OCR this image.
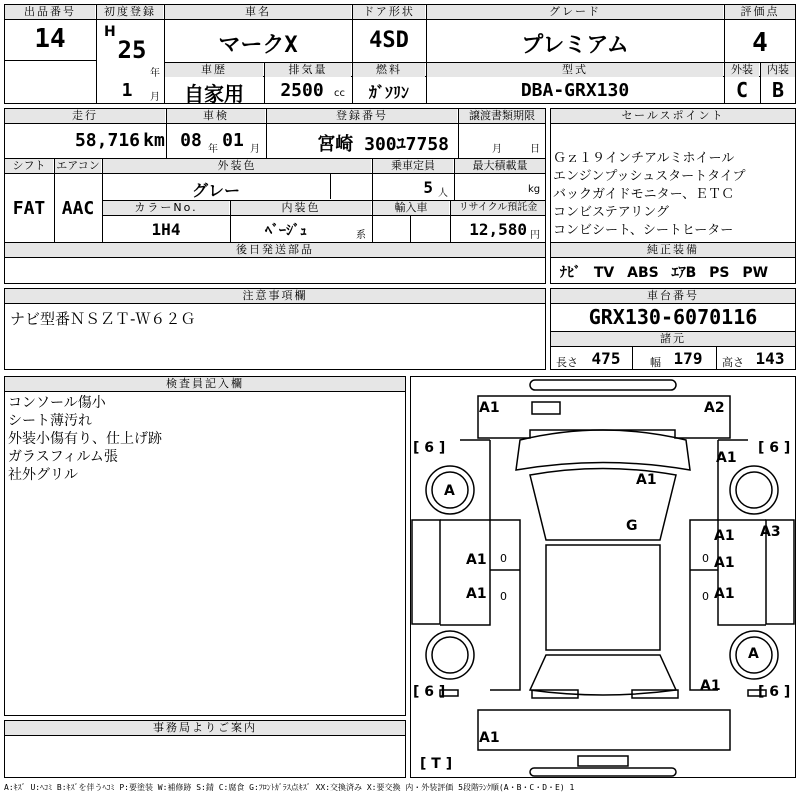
出品番号
14
初度登録
H
25
年
1	月
車名
マークX
ドア形状
4SD
グレード
プレミアム
評価点
4
車歴
自家用
排気量
2500	cc
燃料
ｶﾞｿﾘﾝ
型式
DBA-GRX130
外装	内装
C	B
走行
58,716 km
車検
08 年 01 月
登録番号
宮崎 300ﾕ7758
譲渡書類期限
月	日
シフト
FAT
エアコン
AAC
外装色
グレー
乗車定員
5 人
最大積載量
kg
カラーNo.
1H4
内装色
ﾍﾞｰｼﾞｭ	系
輸入車	リサイクル預託金
12,580 円
後日発送部品
セールスポイント
Ｇｚ１９インチアルミホイール
エンジンプッシュスタートタイプ
バックガイドモニター、ＥＴＣ
コンビステアリング
コンビシート、シートヒーター
純正装備
ﾅﾋﾞ TV ABS ｴｱB PS PW
注意事項欄
ナビ型番ＮＳＺＴ-Ｗ６２Ｇ
車台番号
GRX130-6070116
諸元
長さ 475	幅 179	高さ 143
検査員記入欄
コンソール傷小
シート薄汚れ
外装小傷有り、仕上げ跡
ガラスフィルム張
社外グリル
事務局よりご案内
A1	A2
[ 6 ]	[ 6 ]
A1
A1
A
G
A1 A3
A1 0	0 A1
A1 0	0 A1
A
A1
[ 6 ]	[ 6 ]
A1
[ T ]
A:ｷｽﾞ U:ﾍｺﾐ B:ｷｽﾞを伴うﾍｺﾐ P:要塗装 W:補修跡 S:錆 C:腐食 G:ﾌﾛﾝﾄｶﾞﾗｽ点ｷｽﾞ XX:交換済み X:要交換 内・外装評価 5段階ﾗﾝｸ順(A・B・C・D・E) 1
